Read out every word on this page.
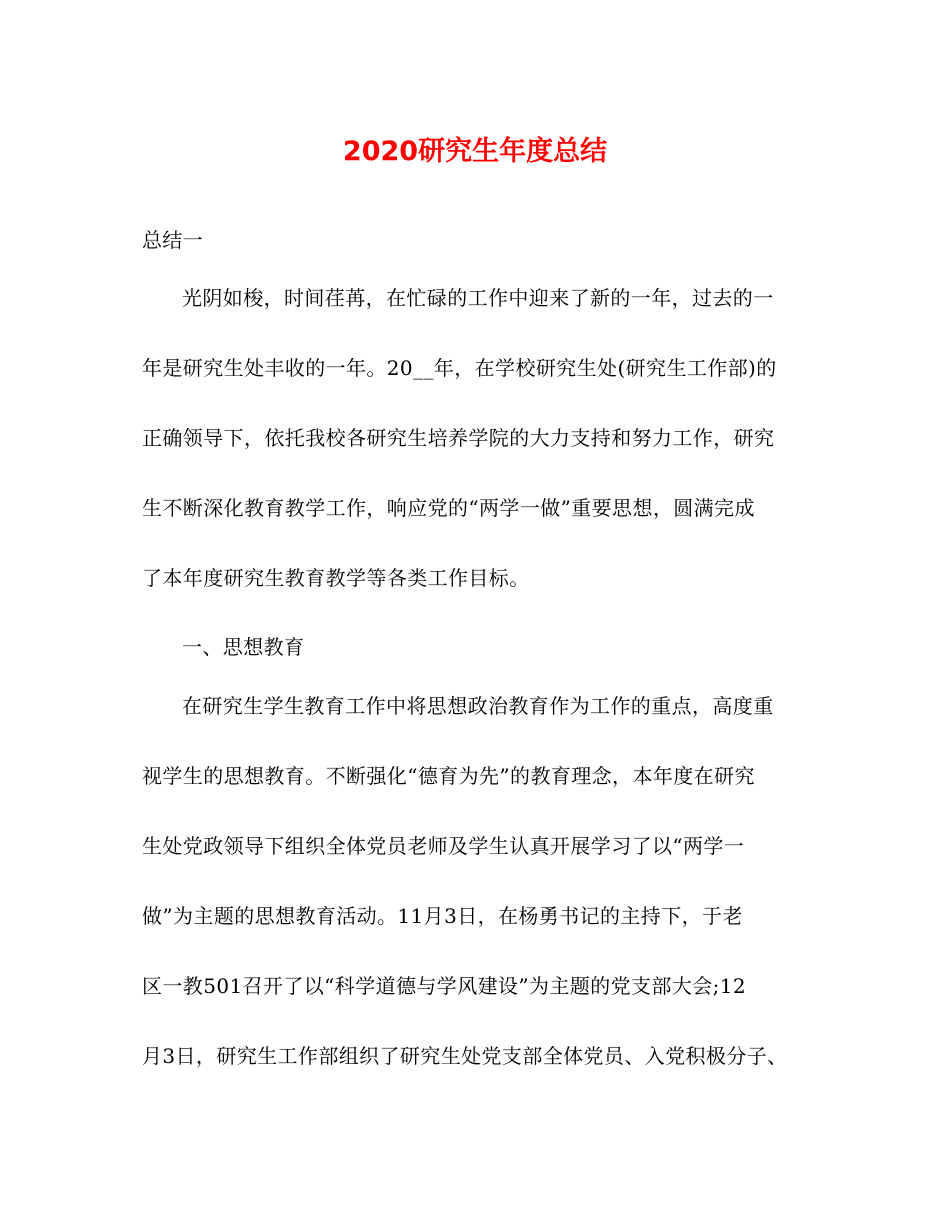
2020研究生年度总结
总结一
光阴如梭，时间荏苒，在忙碌的工作中迎来了新的一年，过去的一
年是研究生处丰收的一年。20__年，在学校研究生处(研究生工作部)的
正确领导下，依托我校各研究生培养学院的大力支持和努力工作，研究
生不断深化教育教学工作，响应党的“两学一做”重要思想，圆满完成
了本年度研究生教育教学等各类工作目标。
一、思想教育
在研究生学生教育工作中将思想政治教育作为工作的重点，高度重
视学生的思想教育。不断强化“德育为先”的教育理念，本年度在研究
生处党政领导下组织全体党员老师及学生认真开展学习了以“两学一
做”为主题的思想教育活动。11月3日，在杨勇书记的主持下，于老
区一教501召开了以“科学道德与学风建设”为主题的党支部大会;12
月3日，研究生工作部组织了研究生处党支部全体党员、入党积极分子、
